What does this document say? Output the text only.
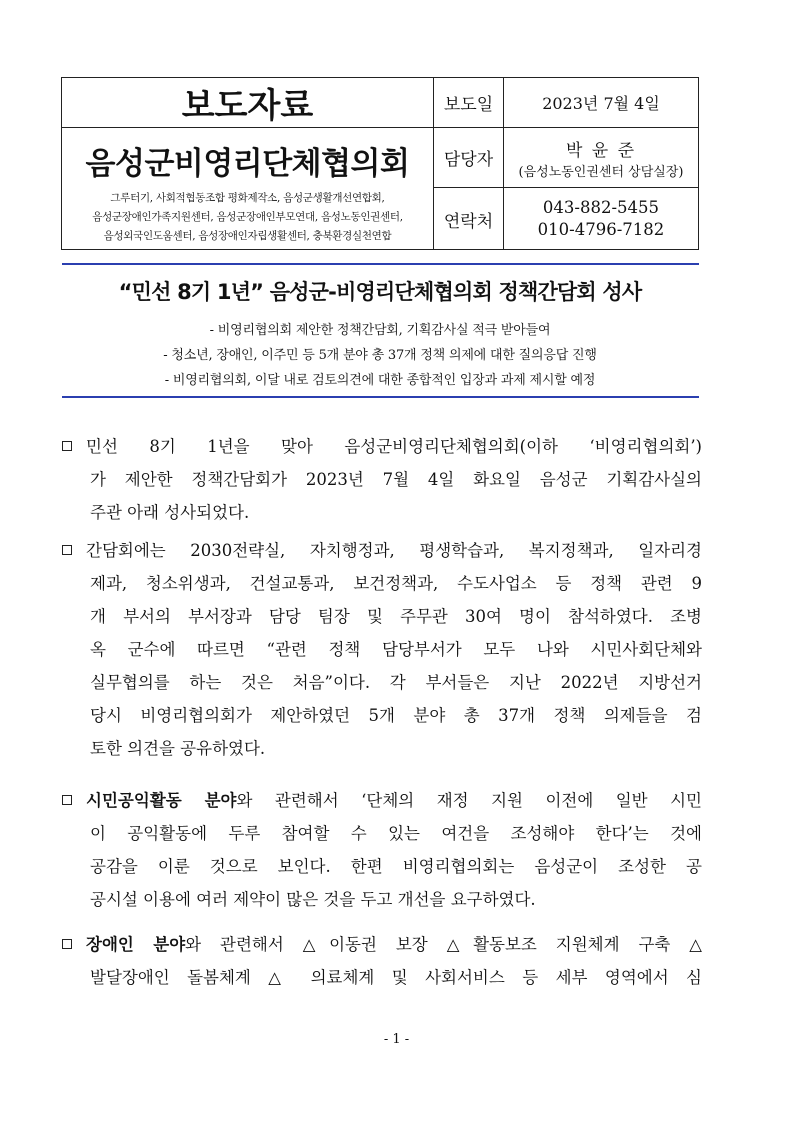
보도자료
음성군비영리단체협의회
그루터기, 사회적협동조합 평화제작소, 음성군생활개선연합회,
음성군장애인가족지원센터, 음성군장애인부모연대, 음성노동인권센터,
음성외국인도움센터, 음성장애인자립생활센터, 충북환경실천연합
보도일	2023년 7월 4일
담당자	박 윤 준
(음성노동인권센터 상담실장)
연락처
043-882-5455
010-4796-7182
“민선 8기 1년” 음성군-비영리단체협의회 정책간담회 성사
- 비영리협의회 제안한 정책간담회, 기획감사실 적극 받아들여
- 청소년, 장애인, 이주민 등 5개 분야 총 37개 정책 의제에 대한 질의응답 진행
- 비영리협의회, 이달 내로 검토의견에 대한 종합적인 입장과 과제 제시할 예정
민선 8기 1년을 맞아 음성군비영리단체협의회(이하 ‘비영리협의회’)
가 제안한 정책간담회가 2023년 7월 4일 화요일 음성군 기획감사실의
주관 아래 성사되었다.
간담회에는 2030전략실, 자치행정과, 평생학습과, 복지정책과, 일자리경
제과, 청소위생과, 건설교통과, 보건정책과, 수도사업소 등 정책 관련 9
개 부서의 부서장과 담당 팀장 및 주무관 30여 명이 참석하였다. 조병
옥 군수에 따르면 “관련 정책 담당부서가 모두 나와 시민사회단체와
실무협의를 하는 것은 처음”이다. 각 부서들은 지난 2022년 지방선거
당시 비영리협의회가 제안하였던 5개 분야 총 37개 정책 의제들을 검
토한 의견을 공유하였다.
시민공익활동 분야와 관련해서 ‘단체의 재정 지원 이전에 일반 시민
이 공익활동에 두루 참여할 수 있는 여건을 조성해야 한다’는 것에
공감을 이룬 것으로 보인다. 한편 비영리협의회는 음성군이 조성한 공
공시설 이용에 여러 제약이 많은 것을 두고 개선을 요구하였다.
장애인 분야와 관련해서 △이동권 보장 △활동보조 지원체계 구축 △
발달장애인 돌봄체계 △ 의료체계 및 사회서비스 등 세부 영역에서 심
- 1 -
